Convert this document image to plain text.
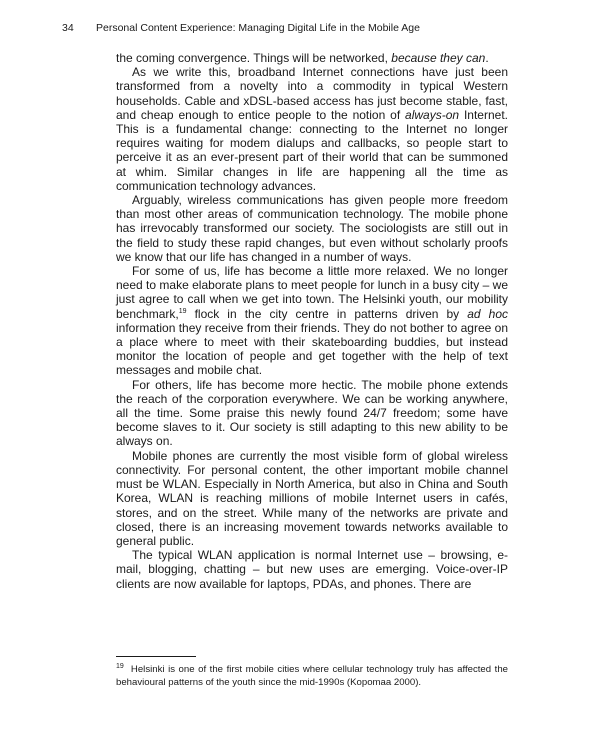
34 Personal Content Experience: Managing Digital Life in the Mobile Age

the coming convergence. Things will be networked, because they can.

As we write this, broadband Internet connections have just been transformed from a novelty into a commodity in typical Western households. Cable and xDSL-based access has just become stable, fast, and cheap enough to entice people to the notion of always-on Internet. This is a fundamental change: connecting to the Internet no longer requires waiting for modem dialups and callbacks, so people start to perceive it as an ever-present part of their world that can be summoned at whim. Similar changes in life are happening all the time as communication technology advances.

Arguably, wireless communications has given people more freedom than most other areas of communication technology. The mobile phone has irrevocably transformed our society. The sociologists are still out in the field to study these rapid changes, but even without scholarly proofs we know that our life has changed in a number of ways.

For some of us, life has become a little more relaxed. We no longer need to make elaborate plans to meet people for lunch in a busy city – we just agree to call when we get into town. The Helsinki youth, our mobility benchmark,$^{19}$ flock in the city centre in patterns driven by ad hoc information they receive from their friends. They do not bother to agree on a place where to meet with their skateboarding buddies, but instead monitor the location of people and get together with the help of text messages and mobile chat.

For others, life has become more hectic. The mobile phone extends the reach of the corporation everywhere. We can be working anywhere, all the time. Some praise this newly found 24/7 freedom; some have become slaves to it. Our society is still adapting to this new ability to be always on.

Mobile phones are currently the most visible form of global wireless connectivity. For personal content, the other important mobile channel must be WLAN. Especially in North America, but also in China and South Korea, WLAN is reaching millions of mobile Internet users in cafés, stores, and on the street. While many of the networks are private and closed, there is an increasing movement towards networks available to general public.

The typical WLAN application is normal Internet use – browsing, e-mail, blogging, chatting – but new uses are emerging. Voice-over-IP clients are now available for laptops, PDAs, and phones. There are

$^{19}$ Helsinki is one of the first mobile cities where cellular technology truly has affected the behavioural patterns of the youth since the mid-1990s (Kopomaa 2000).
